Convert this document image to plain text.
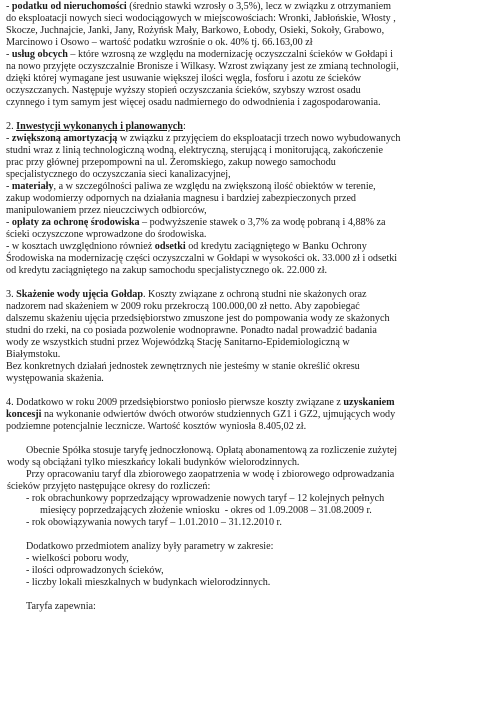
- podatku od nieruchomości (średnio stawki wzrosły o 3,5%), lecz w związku z otrzymaniem
do eksploatacji nowych sieci wodociągowych w miejscowościach: Wronki, Jabłońskie, Włosty ,
Skocze, Juchnajcie, Janki, Jany, Rożyńsk Mały, Barkowo, Łobody, Osieki, Sokoły, Grabowo,
Marcinowo i Osowo – wartość podatku wzrośnie o ok. 40% tj. 66.163,00 zł
- usług obcych – które wzrosną ze względu na modernizację oczyszczalni ścieków w Gołdapi i
na nowo przyjęte oczyszczalnie Bronisze i Wilkasy. Wzrost związany jest ze zmianą technologii,
dzięki której wymagane jest usuwanie większej ilości węgla, fosforu i azotu ze ścieków
oczyszczanych. Następuje wyższy stopień oczyszczania ścieków, szybszy wzrost osadu
czynnego i tym samym jest więcej osadu nadmiernego do odwodnienia i zagospodarowania.
2. Inwestycji wykonanych i planowanych:
- zwiększoną amortyzacją w związku z przyjęciem do eksploatacji trzech nowo wybudowanych
studni wraz z linią technologiczną wodną, elektryczną, sterującą i monitorującą, zakończenie
prac przy głównej przepompowni na ul. Żeromskiego, zakup nowego samochodu
specjalistycznego do oczyszczania sieci kanalizacyjnej,
- materiały, a w szczególności paliwa ze względu na zwiększoną ilość obiektów w terenie,
zakup wodomierzy odpornych na działania magnesu i bardziej zabezpieczonych przed
manipulowaniem przez nieuczciwych odbiorców,
- opłaty za ochronę środowiska – podwyższenie stawek o 3,7% za wodę pobraną i 4,88% za
ścieki oczyszczone wprowadzone do środowiska.
- w kosztach uwzględniono również odsetki od kredytu zaciągniętego w Banku Ochrony
Środowiska na modernizację części oczyszczalni w Gołdapi w wysokości ok. 33.000 zł i odsetki
od kredytu zaciągniętego na zakup samochodu specjalistycznego ok. 22.000 zł.
3. Skażenie wody ujęcia Gołdap. Koszty związane z ochroną studni nie skażonych oraz
nadzorem nad skażeniem w 2009 roku przekroczą 100.000,00 zł netto. Aby zapobiegać
dalszemu skażeniu ujęcia przedsiębiorstwo zmuszone jest do pompowania wody ze skażonych
studni do rzeki, na co posiada pozwolenie wodnoprawne. Ponadto nadal prowadzić badania
wody ze wszystkich studni przez Wojewódzką Stację Sanitarno-Epidemiologiczną w
Białymstoku.
Bez konkretnych działań jednostek zewnętrznych nie jesteśmy w stanie określić okresu
występowania skażenia.
4. Dodatkowo w roku 2009 przedsiębiorstwo poniosło pierwsze koszty związane z uzyskaniem
koncesji na wykonanie odwiertów dwóch otworów studziennych GZ1 i GZ2, ujmujących wody
podziemne potencjalnie lecznicze. Wartość kosztów wyniosła 8.405,02 zł.
Obecnie Spółka stosuje taryfę jednoczłonową. Opłatą abonamentową za rozliczenie zużytej
wody są obciążani tylko mieszkańcy lokali budynków wielorodzinnych.
Przy opracowaniu taryf dla zbiorowego zaopatrzenia w wodę i zbiorowego odprowadzania
ścieków przyjęto następujące okresy do rozliczeń:
- rok obrachunkowy poprzedzający wprowadzenie nowych taryf – 12 kolejnych pełnych
miesięcy poprzedzających złożenie wniosku  - okres od 1.09.2008 – 31.08.2009 r.
- rok obowiązywania nowych taryf – 1.01.2010 – 31.12.2010 r.
Dodatkowo przedmiotem analizy były parametry w zakresie:
- wielkości poboru wody,
- ilości odprowadzonych ścieków,
- liczby lokali mieszkalnych w budynkach wielorodzinnych.
Taryfa zapewnia:
